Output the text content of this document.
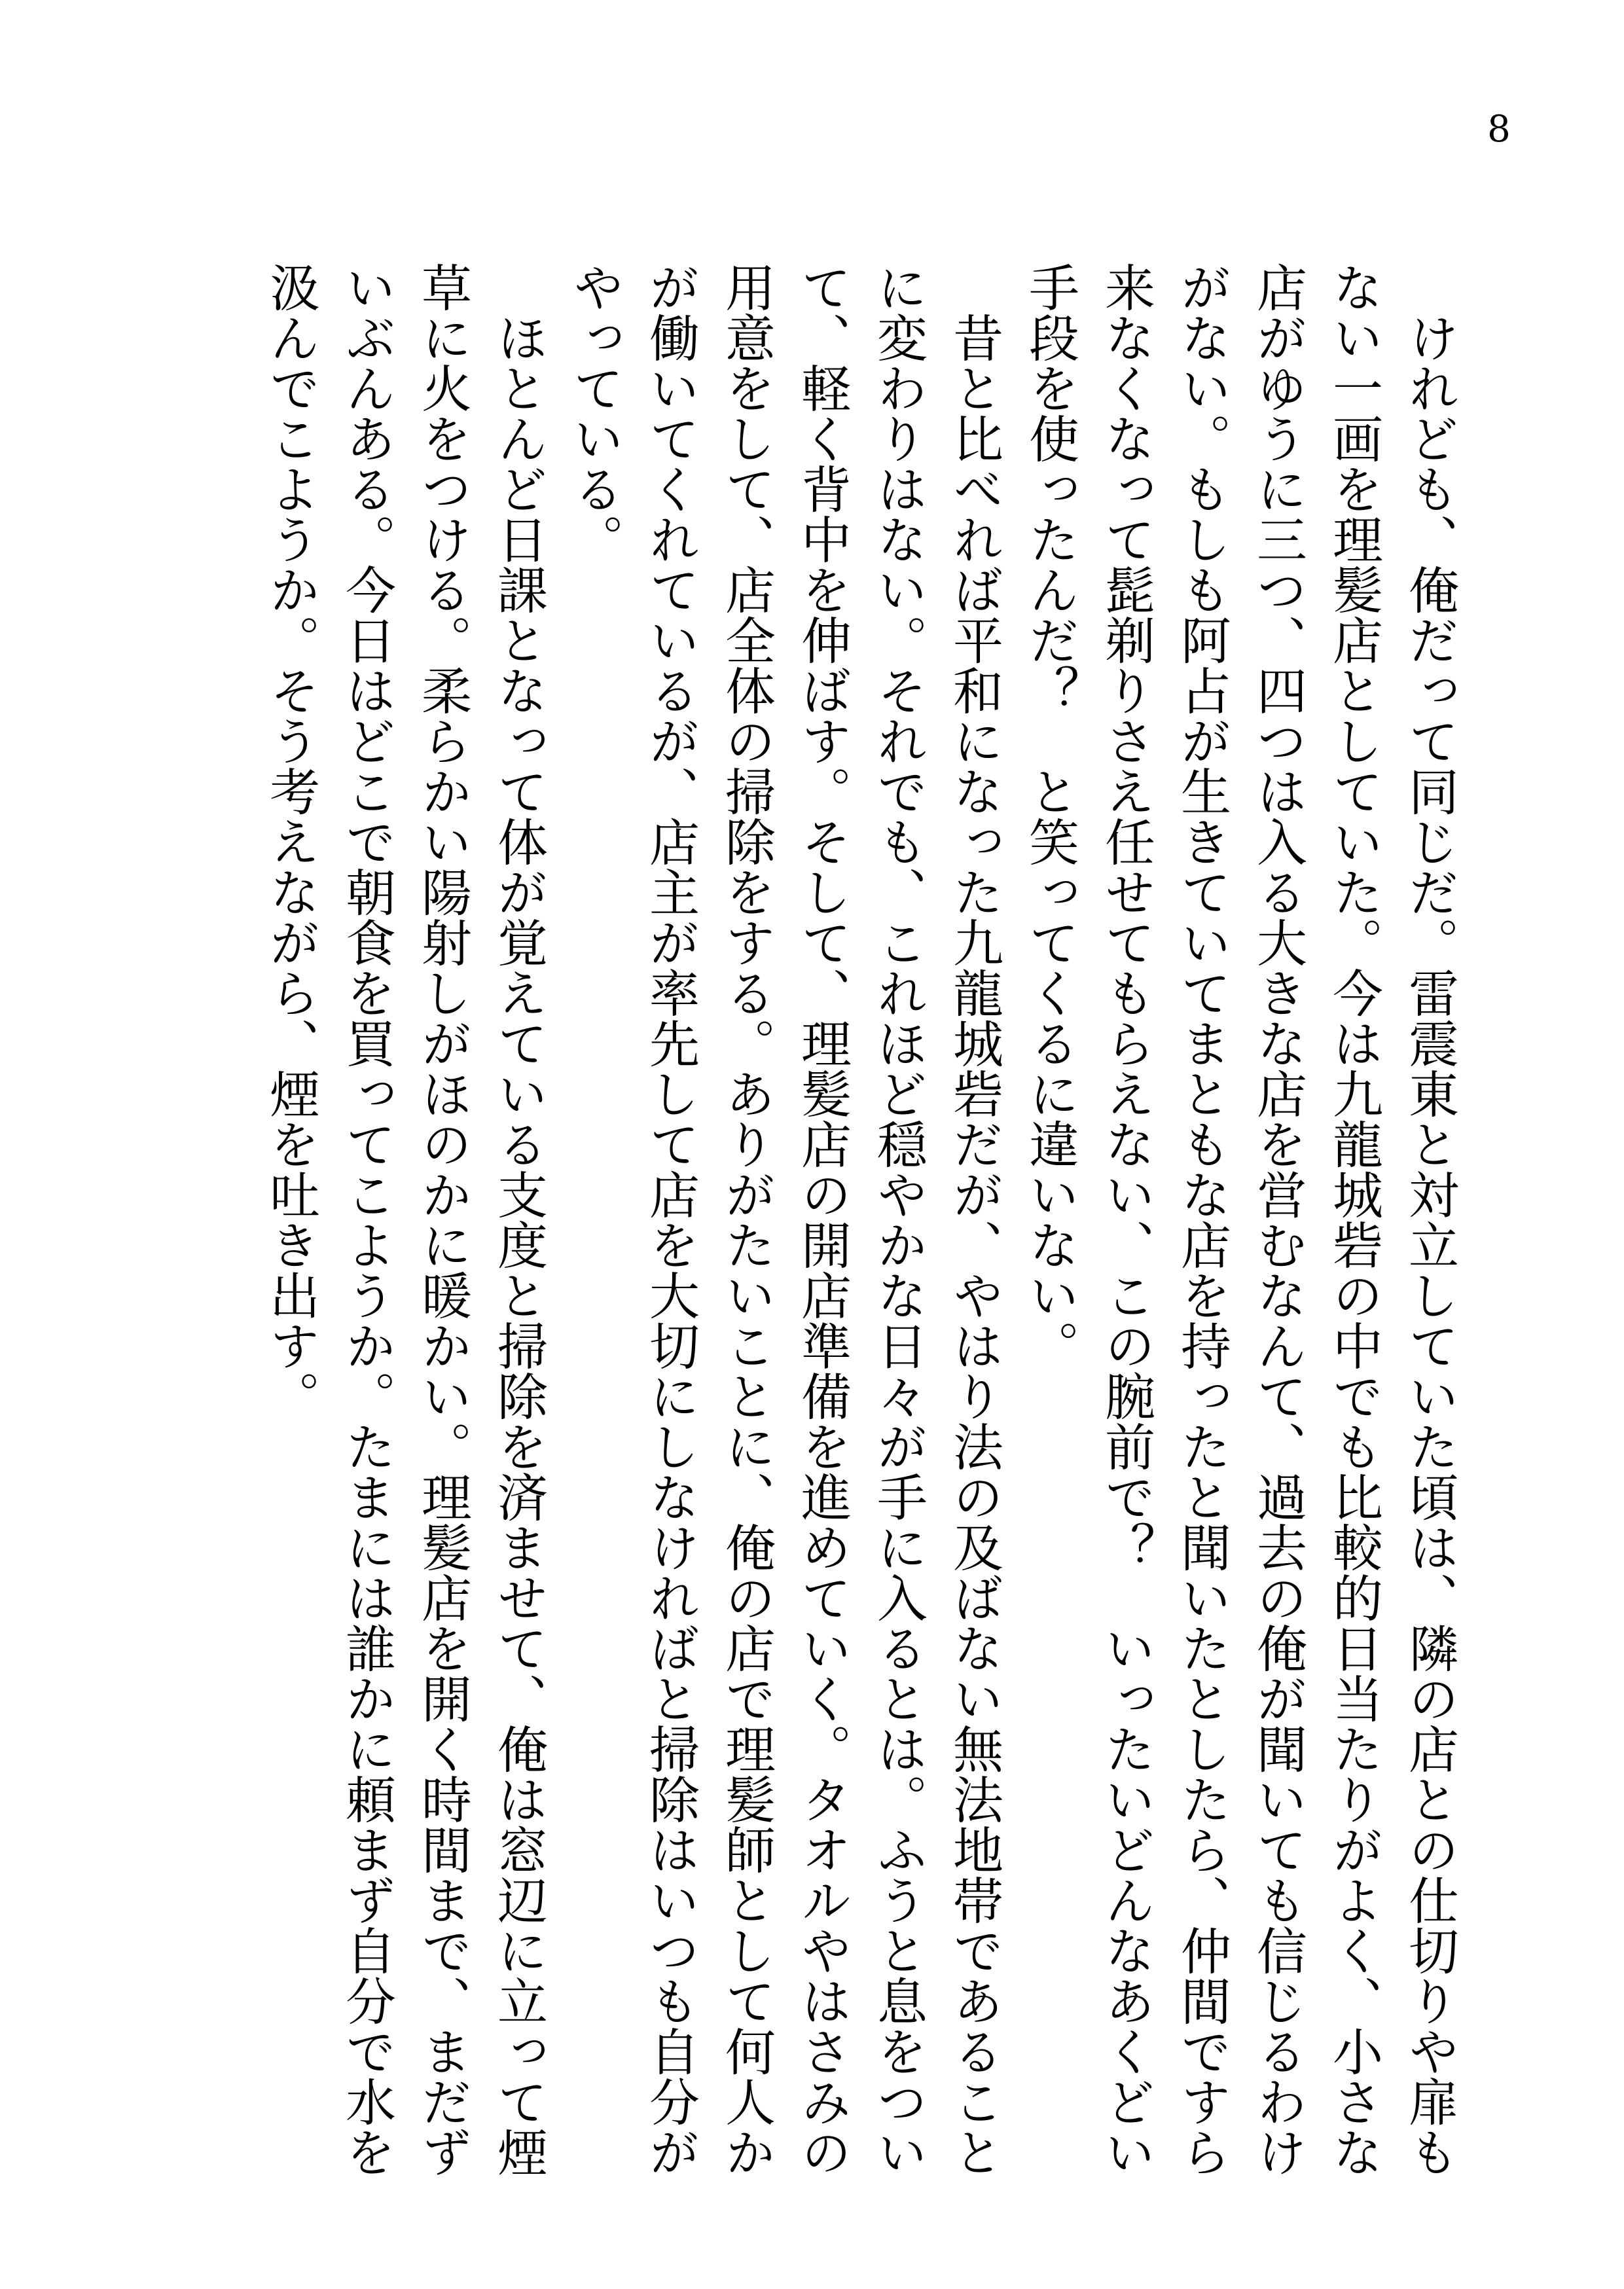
8

けれども、俺だって同じだ。雷震東と対立していた頃は、隣の店との仕切りや扉もない一画を理髪店としていた。今は九龍城砦の中でも比較的日当たりがよく、小さな店がゆうに三つ、四つは入る大きな店を営むなんて、過去の俺が聞いても信じるわけがない。もしも阿占が生きていてまともな店を持ったと聞いたとしたら、仲間ですら来なくなって髭剃りさえ任せてもらえない、この腕前で？　いったいどんなあくどい手段を使ったんだ？　と笑ってくるに違いない。

昔と比べれば平和になった九龍城砦だが、やはり法の及ばない無法地帯であることに変わりはない。それでも、これほど穏やかな日々が手に入るとは。ふうと息をついて、軽く背中を伸ばす。そして、理髪店の開店準備を進めていく。タオルやはさみの用意をして、店全体の掃除をする。ありがたいことに、俺の店で理髪師として何人かが働いてくれているが、店主が率先して店を大切にしなければと掃除はいつも自分がやっている。

ほとんど日課となって体が覚えている支度と掃除を済ませて、俺は窓辺に立って煙草に火をつける。柔らかい陽射しがほのかに暖かい。理髪店を開く時間まで、まだずいぶんある。今日はどこで朝食を買ってこようか。たまには誰かに頼まず自分で水を汲んでこようか。そう考えながら、煙を吐き出す。
